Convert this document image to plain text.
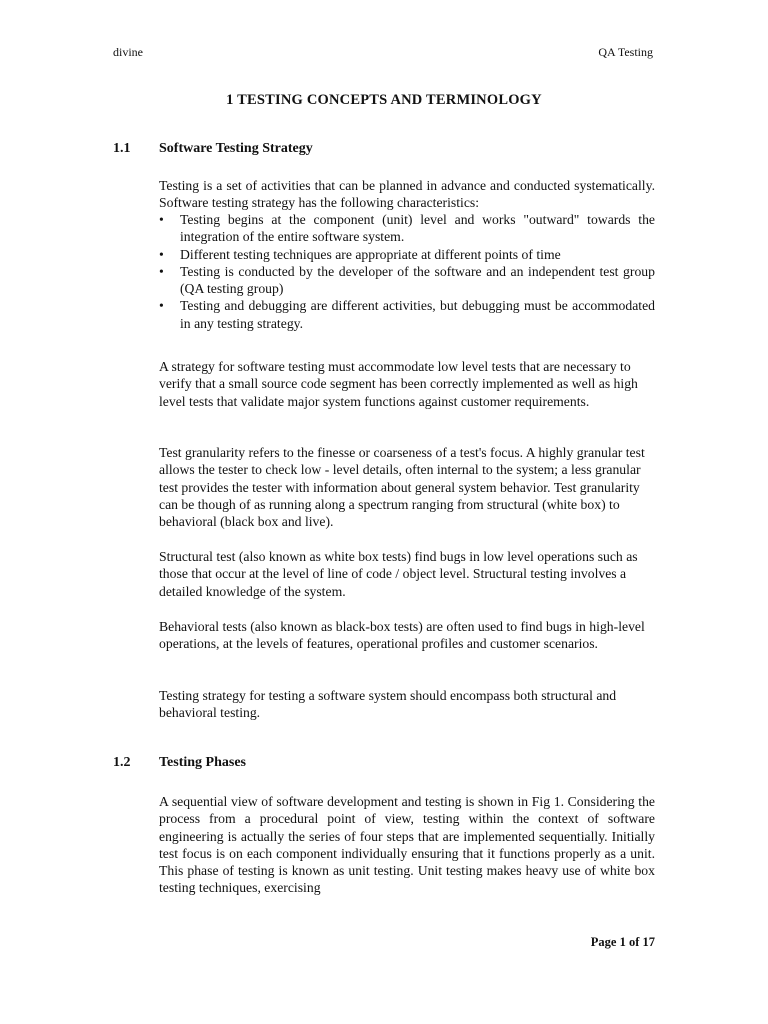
divine	QA Testing
1 TESTING CONCEPTS AND TERMINOLOGY
1.1 Software Testing Strategy
Testing is a set of activities that can be planned in advance and conducted systematically. Software testing strategy has the following characteristics:
• Testing begins at the component (unit) level and works "outward" towards the integration of the entire software system.
• Different testing techniques are appropriate at different points of time
• Testing is conducted by the developer of the software and an independent test group (QA testing group)
• Testing and debugging are different activities, but debugging must be accommodated in any testing strategy.
A strategy for software testing must accommodate low level tests that are necessary to verify that a small source code segment has been correctly implemented as well as high level tests that validate major system functions against customer requirements.
Test granularity refers to the finesse or coarseness of a test's focus. A highly granular test allows the tester to check low - level details, often internal to the system; a less granular test provides the tester with information about general system behavior. Test granularity can be though of as running along a spectrum ranging from structural (white box) to behavioral (black box and live).
Structural test (also known as white box tests) find bugs in low level operations such as those that occur at the level of line of code / object level. Structural testing involves a detailed knowledge of the system.
Behavioral tests (also known as black-box tests) are often used to find bugs in high-level operations, at the levels of features, operational profiles and customer scenarios.
Testing strategy for testing a software system should encompass both structural and behavioral testing.
1.2 Testing Phases
A sequential view of software development and testing is shown in Fig 1. Considering the process from a procedural point of view, testing within the context of software engineering is actually the series of four steps that are implemented sequentially. Initially test focus is on each component individually ensuring that it functions properly as a unit. This phase of testing is known as unit testing. Unit testing makes heavy use of white box testing techniques, exercising
Page 1 of 17
